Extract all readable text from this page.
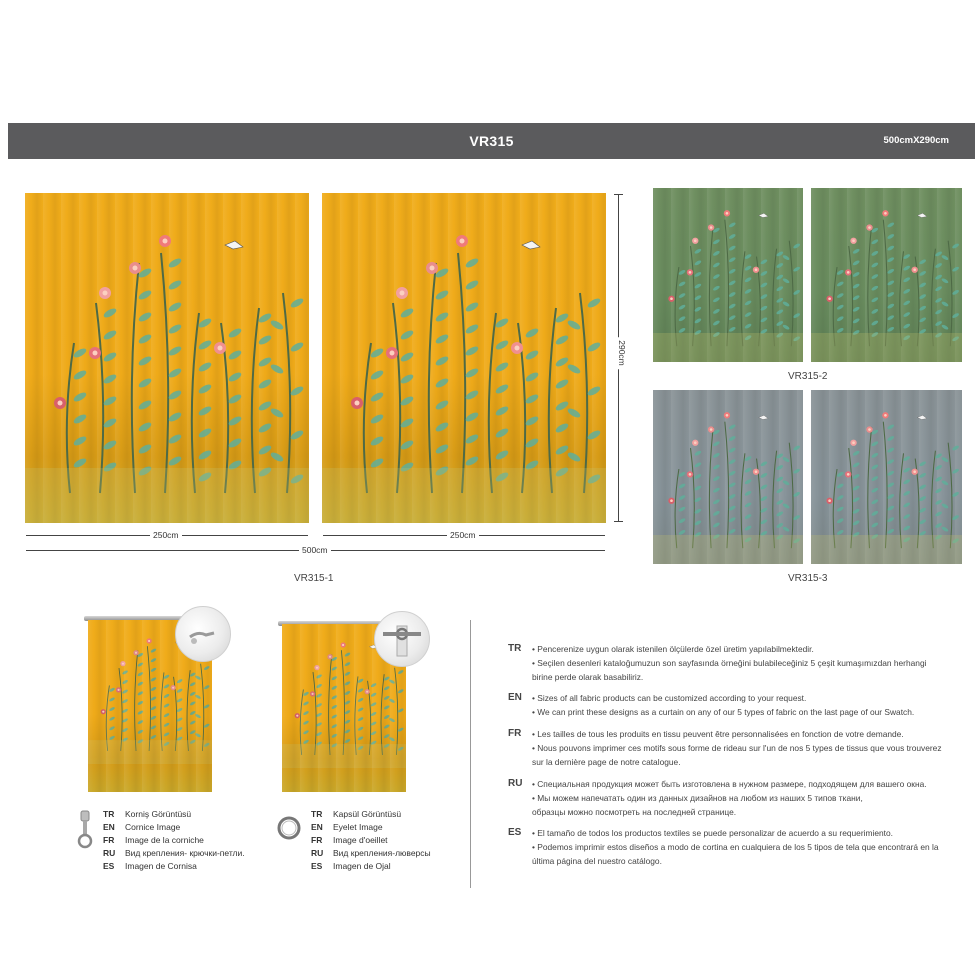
VR315	500cmX290cm
290cm
250cm	250cm
500cm
VR315-1
VR315-2
VR315-3
TR Korniş Görüntüsü
EN Cornice Image
FR Image de la corniche
RU Вид крепления- крючки-петли.
ES Imagen de Cornisa
TR Kapsül Görüntüsü
EN Eyelet Image
FR Image d'oeillet
RU Вид крепления-люверсы
ES Imagen de Ojal
TR • Pencerenize uygun olarak istenilen ölçülerde özel üretim yapılabilmektedir.
• Seçilen desenleri kataloğumuzun son sayfasında örneğini bulabileceğiniz 5 çeşit kumaşımızdan herhangi
birine perde olarak basabiliriz.
EN • Sizes of all fabric products can be customized according to your request.
• We can print these designs as a curtain on any of our 5 types of fabric on the last page of our Swatch.
FR • Les tailles de tous les produits en tissu peuvent être personnalisées en fonction de votre demande.
• Nous pouvons imprimer ces motifs sous forme de rideau sur l'un de nos 5 types de tissus que vous trouverez
sur la dernière page de notre catalogue.
RU • Специальная продукция может быть изготовлена в нужном размере, подходящем для вашего окна.
• Мы можем напечатать один из данных дизайнов на любом из наших 5 типов ткани,
образцы можно посмотреть на последней странице.
ES • El tamaño de todos los productos textiles se puede personalizar de acuerdo a su requerimiento.
• Podemos imprimir estos diseños a modo de cortina en cualquiera de los 5 tipos de tela que encontrará en la
última página del nuestro catálogo.
